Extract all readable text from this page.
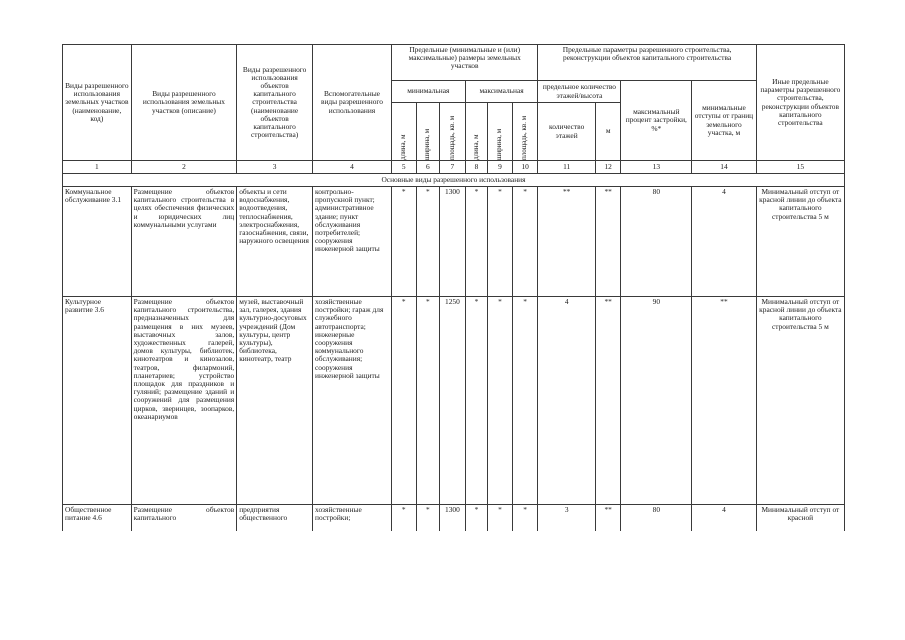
Виды разрешенного использования земельных участков (наименование, код)	Виды разрешенного использования земельных участков (описание)	Виды разрешенного использования объектов капитального строительства (наименование объектов капитального строительства)	Вспомогательные виды разрешенного использования	Предельные (минимальные и (или) максимальные) размеры земельных участков						Предельные параметры разрешенного строительства, реконструкции объектов капитального строительства				Иные предельные параметры разрешенного строительства, реконструкции объектов капитального строительства
				минимальная			максимальная			предельное количество этажей/высота		максимальный процент застройки, %*	минимальные отступы от границ земельного участка, м	

				длина, м	ширина, м	площадь, кв. м	длина, м	ширина, м	площадь, кв. м	количество этажей	м			
1	2	3	4	5	6	7	8	9	10	11	12	13	14	15
Основные виды разрешенного использования														
Коммунальное обслуживание 3.1	Размещение объектов капитального строительства в целях обеспечения физических и юридических лиц коммунальными услугами	объекты и сети водоснабжения, водоотведения, теплоснабжения, электроснабжения, газоснабжения, связи, наружного освещения	контрольно-пропускной пункт; административное здание; пункт обслуживания потребителей; сооружения инженерной защиты	*	*	1300	*	*	*	**	**	80	4	Минимальный отступ от красной линии до объекта капитального строительства 5 м
Культурное развитие 3.6	Размещение объектов капитального строительства, предназначенных для размещения в них музеев, выставочных залов, художественных галерей, домов культуры, библиотек, кинотеатров и кинозалов, театров, филармоний, планетариев; устройство площадок для праздников и гуляний; размещение зданий и сооружений для размещения цирков, зверинцев, зоопарков, океанариумов	музей, выставочный зал, галерея, здания культурно-досуговых учреждений (Дом культуры, центр культуры), библиотека, кинотеатр, театр	хозяйственные постройки; гараж для служебного автотранспорта; инженерные сооружения коммунального обслуживания; сооружения инженерной защиты	*	*	1250	*	*	*	4	**	90	**	Минимальный отступ от красной линии до объекта капитального строительства 5 м
Общественное питание 4.6	Размещение объектов капитального	предприятия общественного	хозяйственные постройки;	*	*	1300	*	*	*	3	**	80	4	Минимальный отступ от красной
